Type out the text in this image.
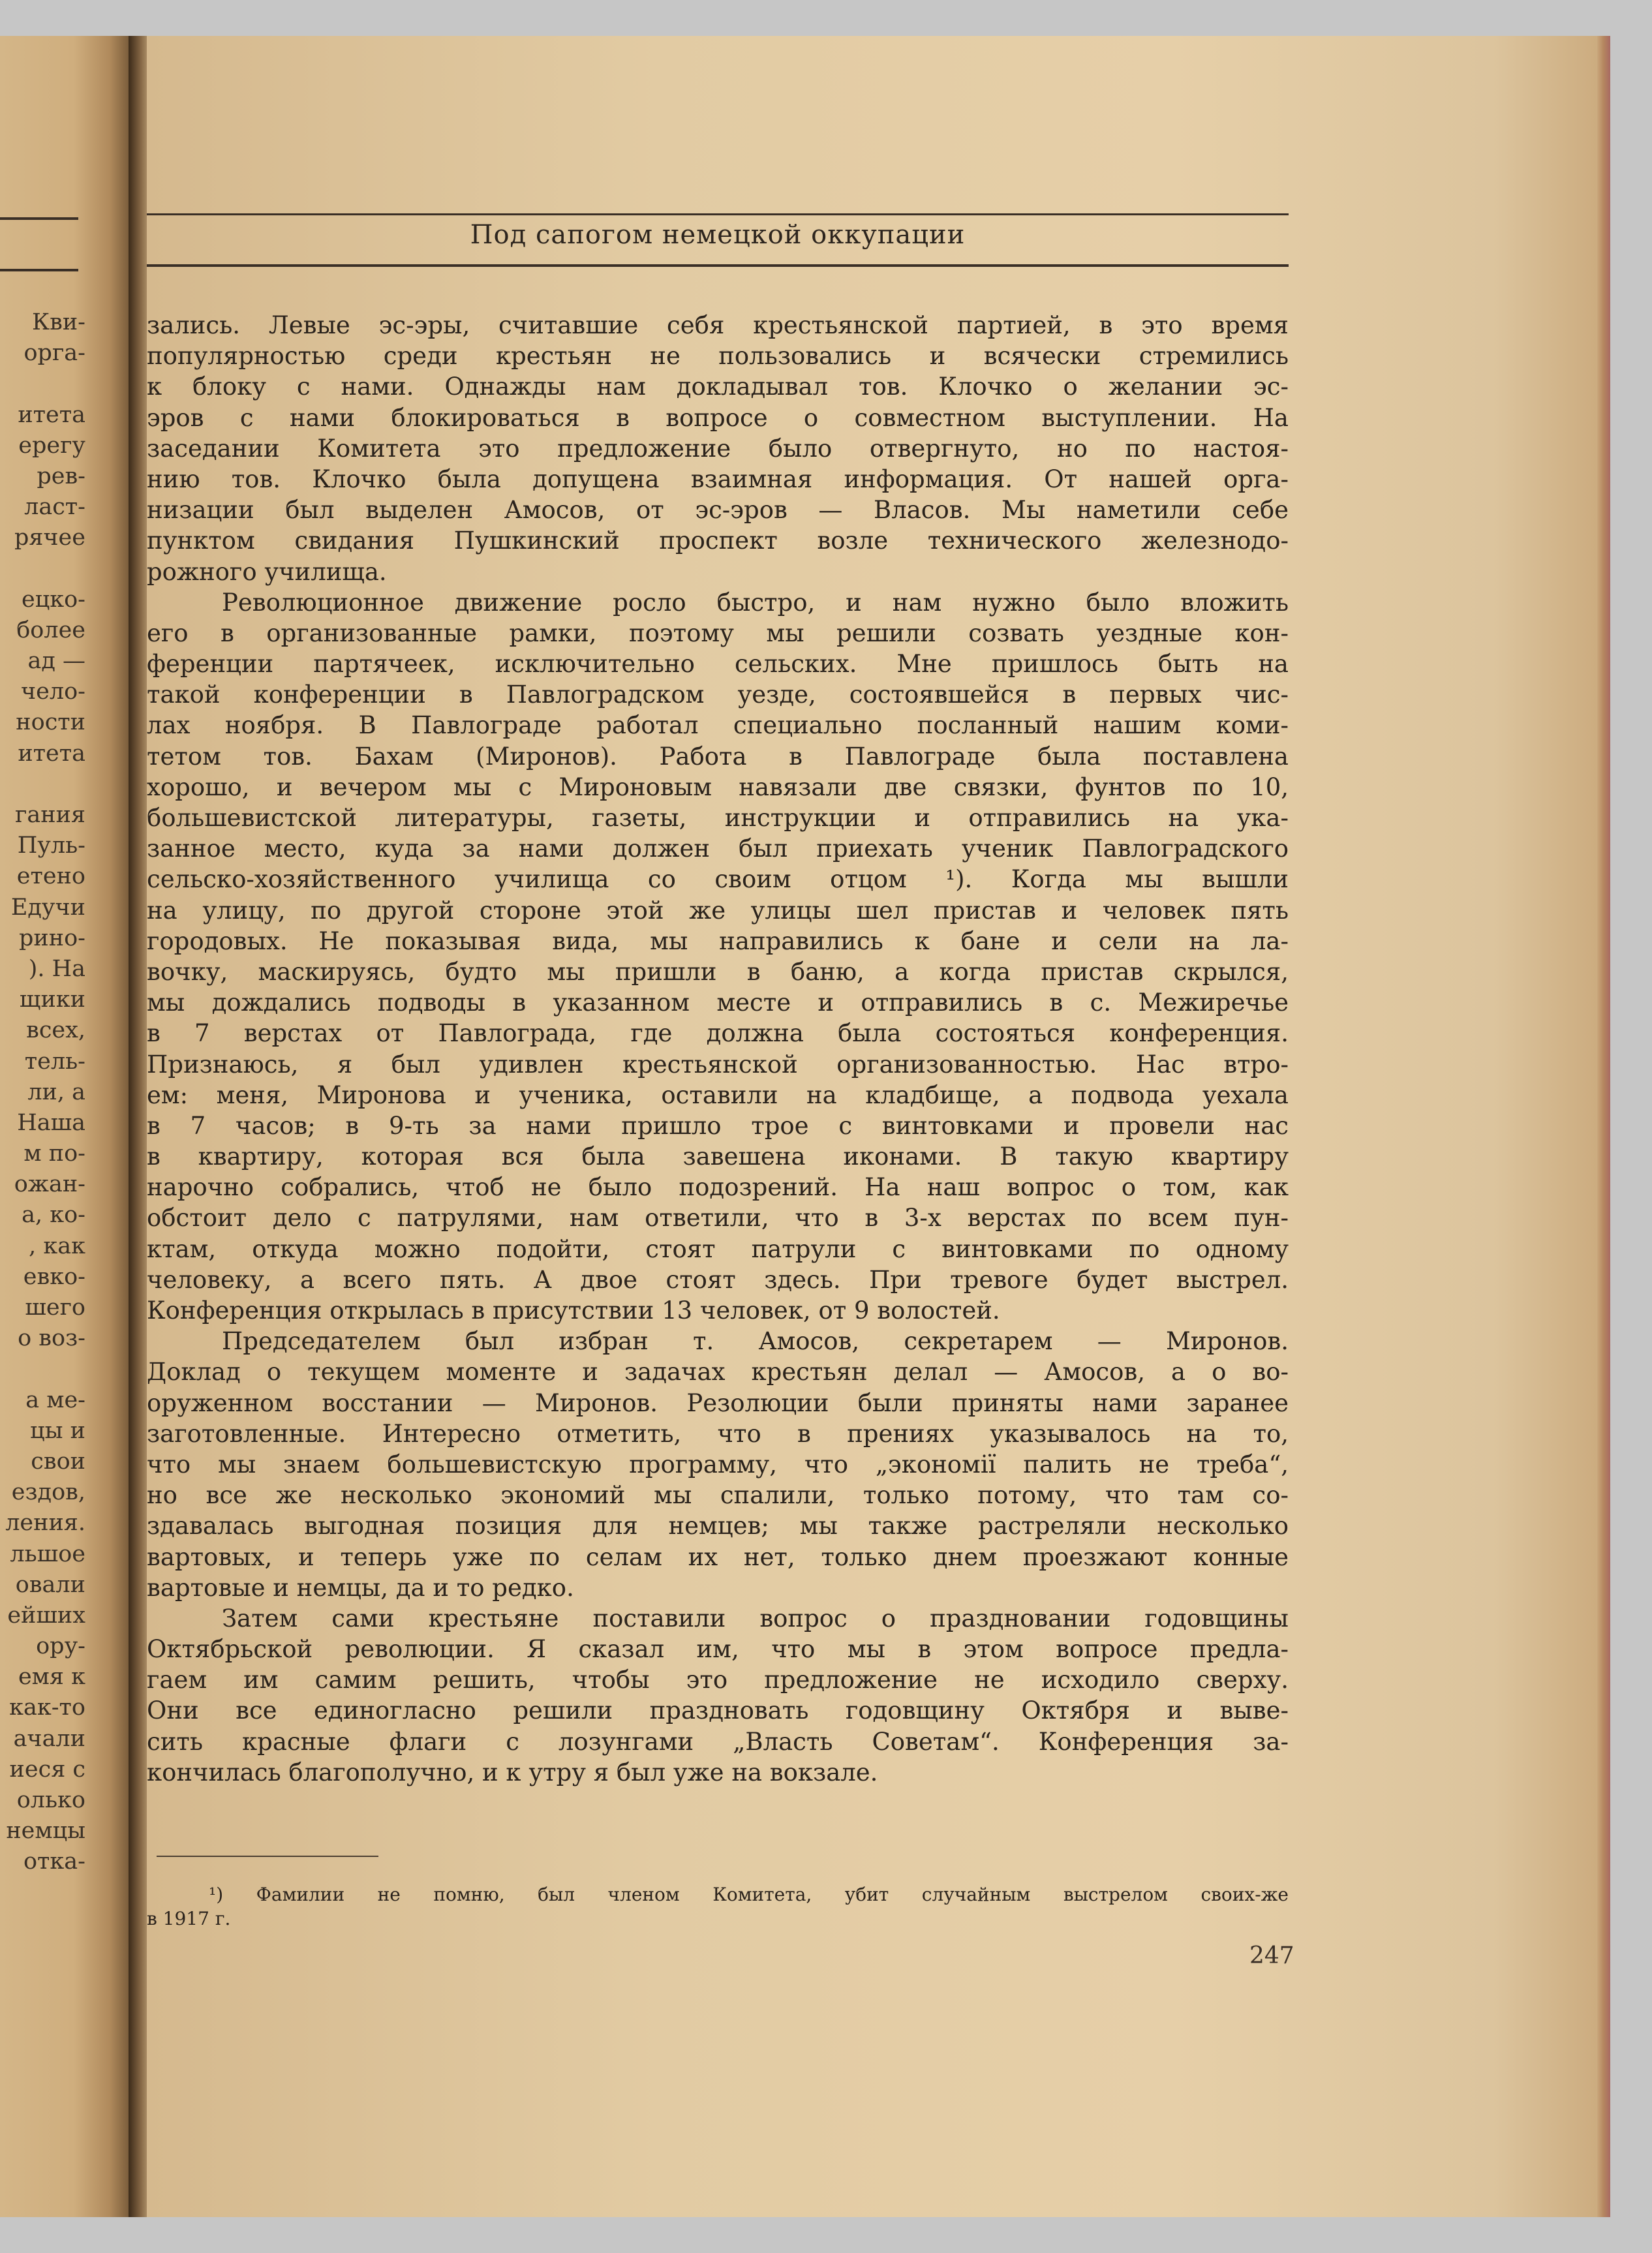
Кви-
орга-
итета
ерегу
рев-
ласт-
рячее
ецко-
более
ад —
чело-
ности
итета
гания
Пуль-
етено
Едучи
рино-
). На
щики
всех,
тель-
ли, а
Наша
м по-
ожан-
а, ко-
, как
евко-
шего
о воз-
а ме-
цы и
свои
ездов,
ления.
льшое
овали
ейших
ору-
емя к
как-то
ачали
иеся с
олько
немцы
отка-
Под сапогом немецкой оккупации
зались. Левые эс-эры, считавшие себя крестьянской партией, в это время
популярностью среди крестьян не пользовались и всячески стремились
к блоку с нами. Однажды нам докладывал тов. Клочко о желании эс-
эров с нами блокироваться в вопросе о совместном выступлении. На
заседании Комитета это предложение было отвергнуто, но по настоя-
нию тов. Клочко была допущена взаимная информация. От нашей орга-
низации был выделен Амосов, от эс-эров — Власов. Мы наметили себе
пунктом свидания Пушкинский проспект возле технического железнодо-
рожного училища.
Революционное движение росло быстро, и нам нужно было вложить
его в организованные рамки, поэтому мы решили созвать уездные кон-
ференции партячеек, исключительно сельских. Мне пришлось быть на
такой конференции в Павлоградском уезде, состоявшейся в первых чис-
лах ноября. В Павлограде работал специально посланный нашим коми-
тетом тов. Бахам (Миронов). Работа в Павлограде была поставлена
хорошо, и вечером мы с Мироновым навязали две связки, фунтов по 10,
большевистской литературы, газеты, инструкции и отправились на ука-
занное место, куда за нами должен был приехать ученик Павлоградского
сельско-хозяйственного училища со своим отцом ¹). Когда мы вышли
на улицу, по другой стороне этой же улицы шел пристав и человек пять
городовых. Не показывая вида, мы направились к бане и сели на ла-
вочку, маскируясь, будто мы пришли в баню, а когда пристав скрылся,
мы дождались подводы в указанном месте и отправились в с. Межиречье
в 7 верстах от Павлограда, где должна была состояться конференция.
Признаюсь, я был удивлен крестьянской организованностью. Нас втро-
ем: меня, Миронова и ученика, оставили на кладбище, а подвода уехала
в 7 часов; в 9-ть за нами пришло трое с винтовками и провели нас
в квартиру, которая вся была завешена иконами. В такую квартиру
нарочно собрались, чтоб не было подозрений. На наш вопрос о том, как
обстоит дело с патрулями, нам ответили, что в 3-х верстах по всем пун-
ктам, откуда можно подойти, стоят патрули с винтовками по одному
человеку, а всего пять. А двое стоят здесь. При тревоге будет выстрел.
Конференция открылась в присутствии 13 человек, от 9 волостей.
Председателем был избран т. Амосов, секретарем — Миронов.
Доклад о текущем моменте и задачах крестьян делал — Амосов, а о во-
оруженном восстании — Миронов. Резолюции были приняты нами заранее
заготовленные. Интересно отметить, что в прениях указывалось на то,
что мы знаем большевистскую программу, что „экономії палить не треба“,
но все же несколько экономий мы спалили, только потому, что там со-
здавалась выгодная позиция для немцев; мы также растреляли несколько
вартовых, и теперь уже по селам их нет, только днем проезжают конные
вартовые и немцы, да и то редко.
Затем сами крестьяне поставили вопрос о праздновании годовщины
Октябрьской революции. Я сказал им, что мы в этом вопросе предла-
гаем им самим решить, чтобы это предложение не исходило сверху.
Они все единогласно решили праздновать годовщину Октября и выве-
сить красные флаги с лозунгами „Власть Советам“. Конференция за-
кончилась благополучно, и к утру я был уже на вокзале.
¹) Фамилии не помню, был членом Комитета, убит случайным выстрелом своих-же
в 1917 г.
247
